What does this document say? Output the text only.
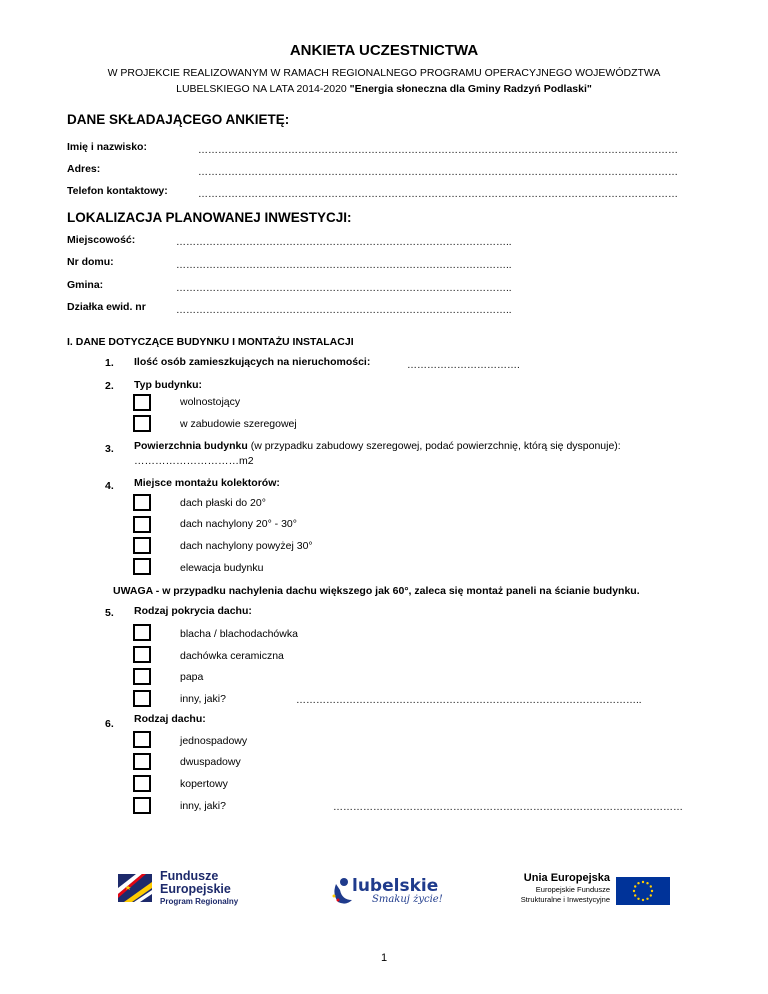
ANKIETA UCZESTNICTWA
W PROJEKCIE REALIZOWANYM W RAMACH REGIONALNEGO PROGRAMU OPERACYJNEGO WOJEWÓDZTWA
LUBELSKIEGO NA LATA 2014-2020 "Energia słoneczna dla Gminy Radzyń Podlaski"
DANE SKŁADAJĄCEGO ANKIETĘ:
Imię i nazwisko:	………………………………………………………………………………………………………………………………
Adres:	………………………………………………………………………………………………………………………………
Telefon kontaktowy:	………………………………………………………………………………………………………………………………
LOKALIZACJA PLANOWANEJ INWESTYCJI:
Miejscowość:	………………………………………………………………………………………..
Nr domu:	………………………………………………………………………………………..
Gmina:	………………………………………………………………………………………..
Działka ewid. nr	………………………………………………………………………………………..
I. DANE DOTYCZĄCE BUDYNKU I MONTAŻU INSTALACJI
1. Ilość osób zamieszkujących na nieruchomości:	…………………………….
2. Typ budynku:
wolnostojący
w zabudowie szeregowej
3. Powierzchnia budynku (w przypadku zabudowy szeregowej, podać powierzchnię, którą się dysponuje):
…………………………m2
4. Miejsce montażu kolektorów:
dach płaski do 20°
dach nachylony 20° - 30°
dach nachylony powyżej 30°
elewacja budynku
UWAGA - w przypadku nachylenia dachu większego jak 60°, zaleca się montaż paneli na ścianie budynku.
5. Rodzaj pokrycia dachu:
blacha / blachodachówka
dachówka ceramiczna
papa
inny, jaki?	…………………………………………………………………………………………..
6. Rodzaj dachu:
jednospadowy
dwuspadowy
kopertowy
inny, jaki?	……………………………………………………………………………………………
Fundusze
Europejskie
Program Regionalny
lubelskie
Smakuj życie!
Unia Europejska
Europejskie Fundusze
Strukturalne i Inwestycyjne
1
